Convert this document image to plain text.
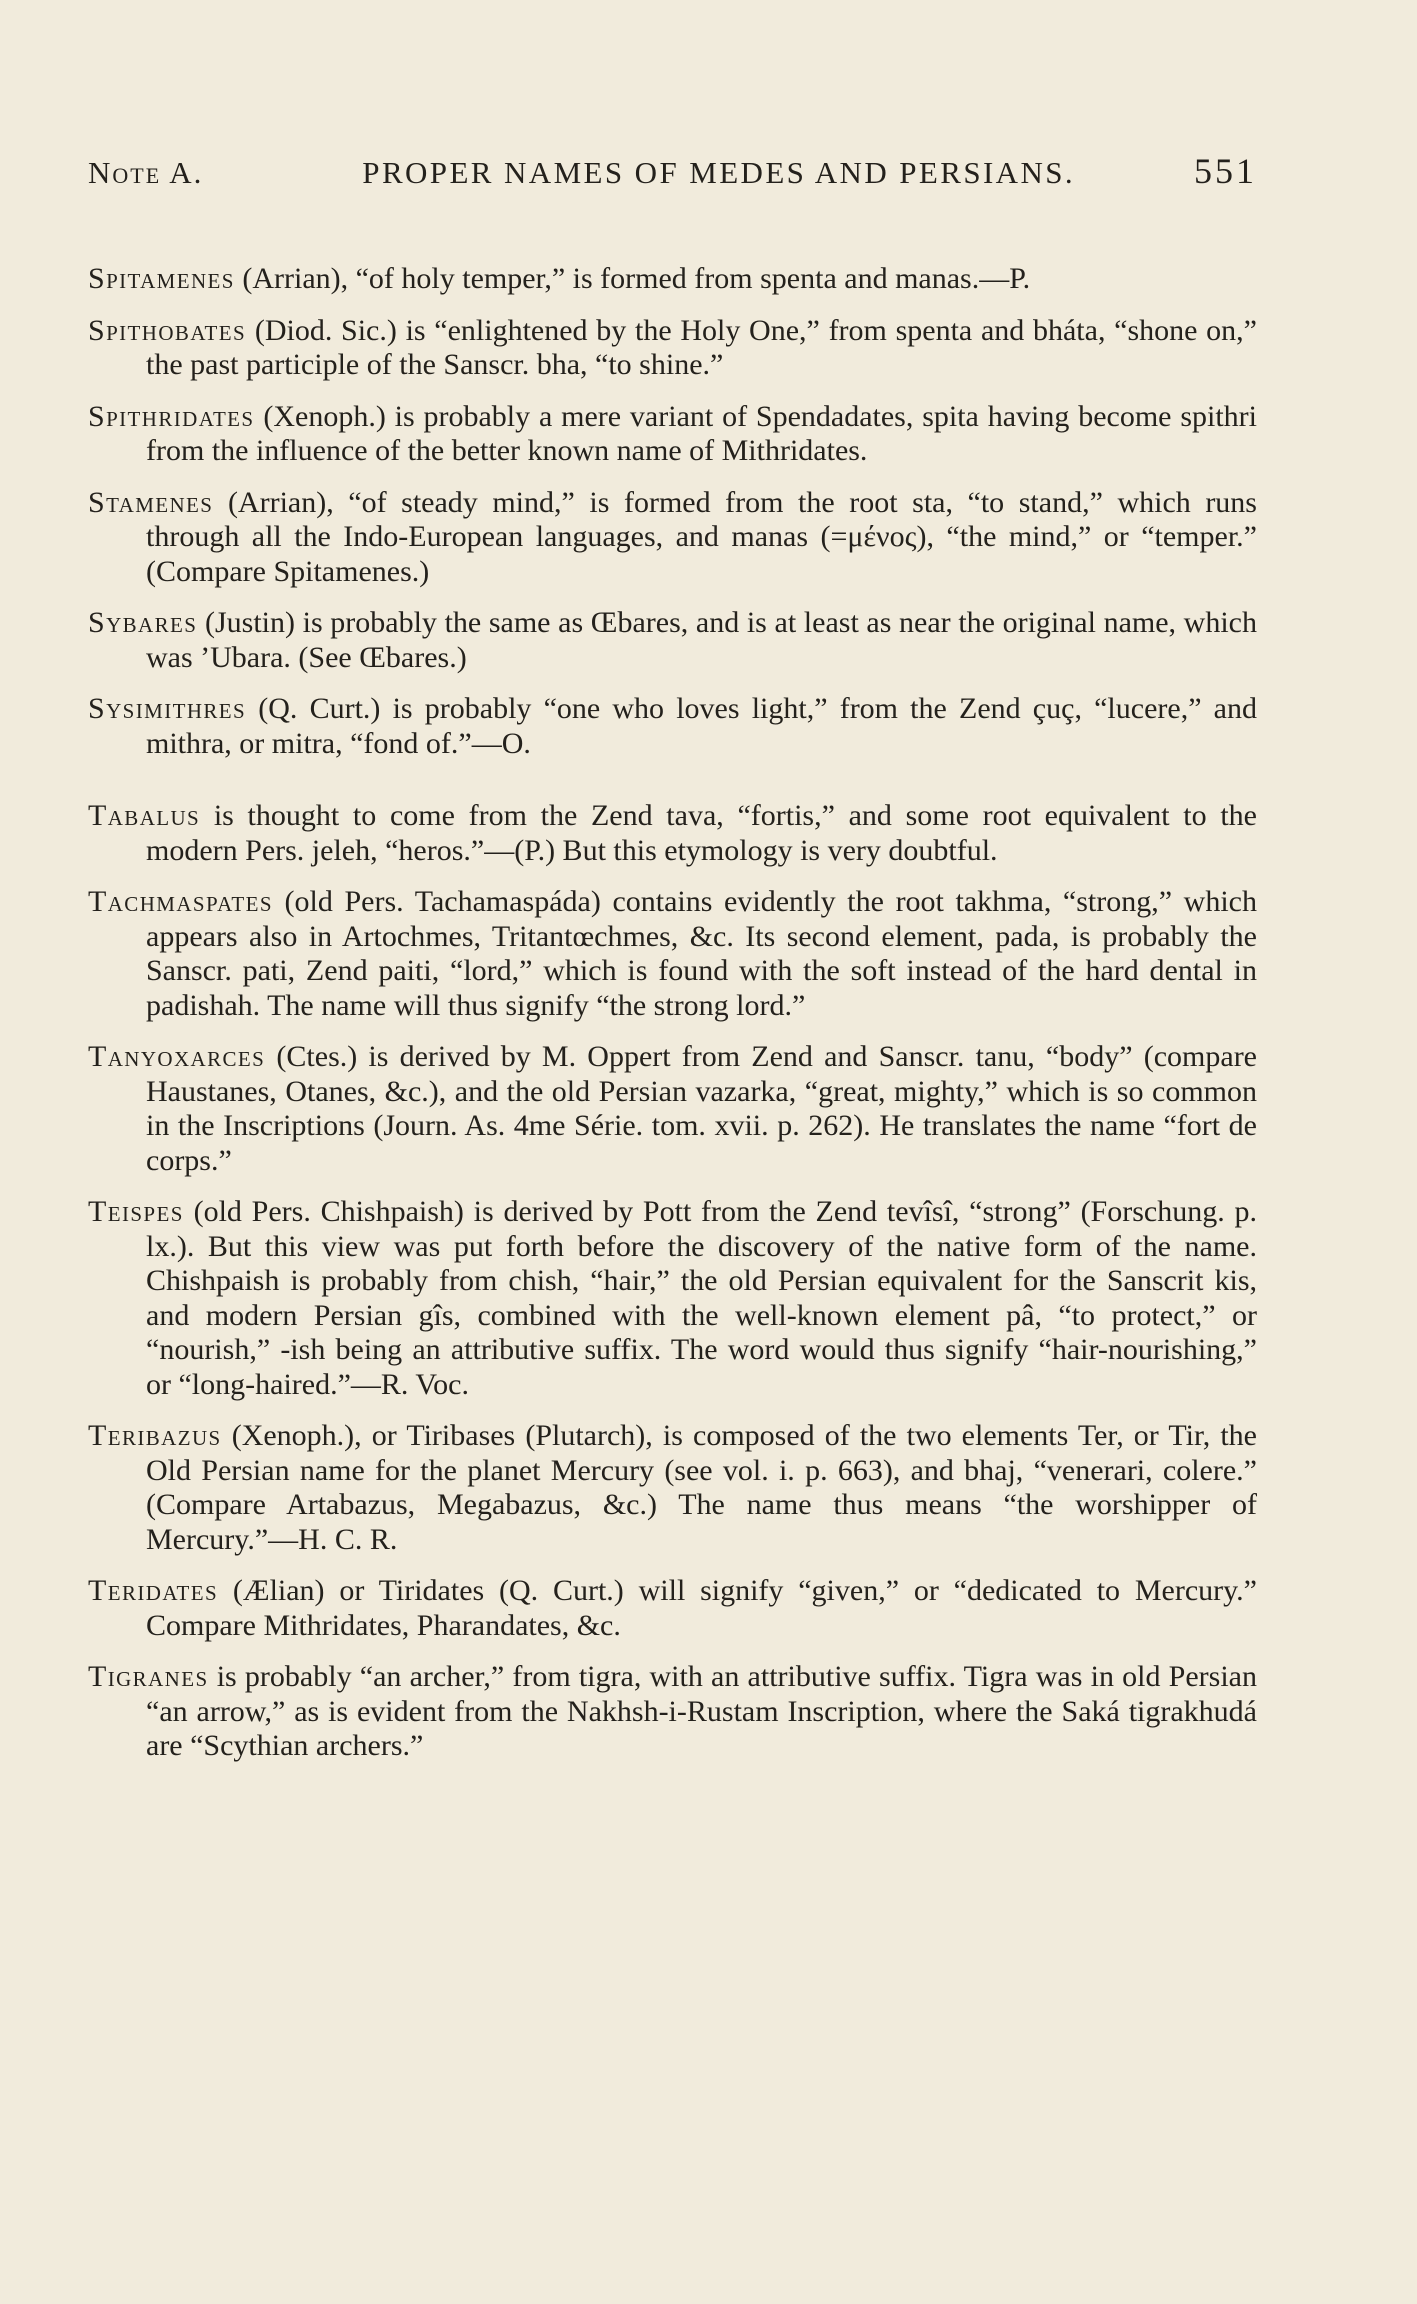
Note A.	PROPER NAMES OF MEDES AND PERSIANS.	551

Spitamenes (Arrian), “of holy temper,” is formed from spenta and manas.—P.

Spithobates (Diod. Sic.) is “enlightened by the Holy One,” from spenta and bháta, “shone on,” the past participle of the Sanscr. bha, “to shine.”

Spithridates (Xenoph.) is probably a mere variant of Spendadates, spita having become spithri from the influence of the better known name of Mithridates.

Stamenes (Arrian), “of steady mind,” is formed from the root sta, “to stand,” which runs through all the Indo-European languages, and manas (=μένος), “the mind,” or “temper.” (Compare Spitamenes.)

Sybares (Justin) is probably the same as Œbares, and is at least as near the original name, which was ’Ubara. (See Œbares.)

Sysimithres (Q. Curt.) is probably “one who loves light,” from the Zend çuç, “lucere,” and mithra, or mitra, “fond of.”—O.

Tabalus is thought to come from the Zend tava, “fortis,” and some root equivalent to the modern Pers. jeleh, “heros.”—(P.) But this etymology is very doubtful.

Tachmaspates (old Pers. Tachamaspáda) contains evidently the root takhma, “strong,” which appears also in Artochmes, Tritantœchmes, &c. Its second element, pada, is probably the Sanscr. pati, Zend paiti, “lord,” which is found with the soft instead of the hard dental in padishah. The name will thus signify “the strong lord.”

Tanyoxarces (Ctes.) is derived by M. Oppert from Zend and Sanscr. tanu, “body” (compare Haustanes, Otanes, &c.), and the old Persian vazarka, “great, mighty,” which is so common in the Inscriptions (Journ. As. 4me Série. tom. xvii. p. 262). He translates the name “fort de corps.”

Teispes (old Pers. Chishpaish) is derived by Pott from the Zend tevîsî, “strong” (Forschung. p. lx.). But this view was put forth before the discovery of the native form of the name. Chishpaish is probably from chish, “hair,” the old Persian equivalent for the Sanscrit kis, and modern Persian gîs, combined with the well-known element pâ, “to protect,” or “nourish,” -ish being an attributive suffix. The word would thus signify “hair-nourishing,” or “long-haired.”—R. Voc.

Teribazus (Xenoph.), or Tiribases (Plutarch), is composed of the two elements Ter, or Tir, the Old Persian name for the planet Mercury (see vol. i. p. 663), and bhaj, “venerari, colere.” (Compare Artabazus, Megabazus, &c.) The name thus means “the worshipper of Mercury.”—H. C. R.

Teridates (Ælian) or Tiridates (Q. Curt.) will signify “given,” or “dedicated to Mercury.” Compare Mithridates, Pharandates, &c.

Tigranes is probably “an archer,” from tigra, with an attributive suffix. Tigra was in old Persian “an arrow,” as is evident from the Nakhsh-i-Rustam Inscription, where the Saká tigrakhudá are “Scythian archers.”
